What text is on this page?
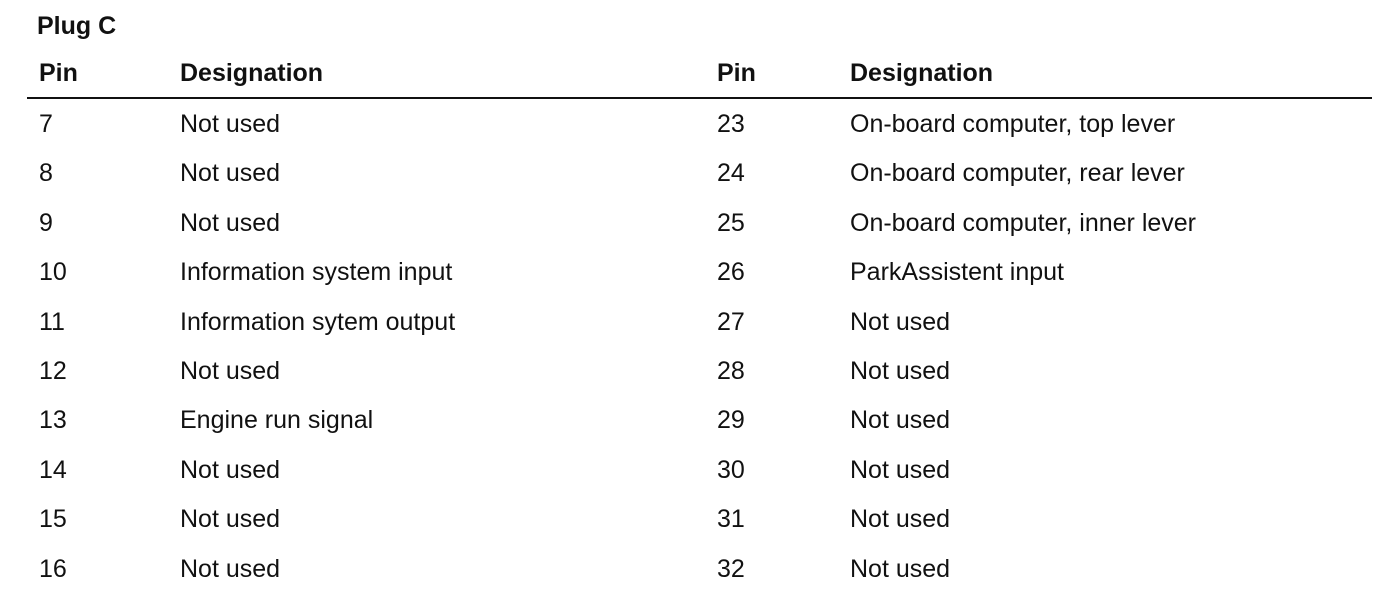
Plug C
Pin	Designation	Pin	Designation
7	Not used	23	On-board computer, top lever
8	Not used	24	On-board computer, rear lever
9	Not used	25	On-board computer, inner lever
10	Information system input	26	ParkAssistent input
11	Information sytem output	27	Not used
12	Not used	28	Not used
13	Engine run signal	29	Not used
14	Not used	30	Not used
15	Not used	31	Not used
16	Not used	32	Not used
